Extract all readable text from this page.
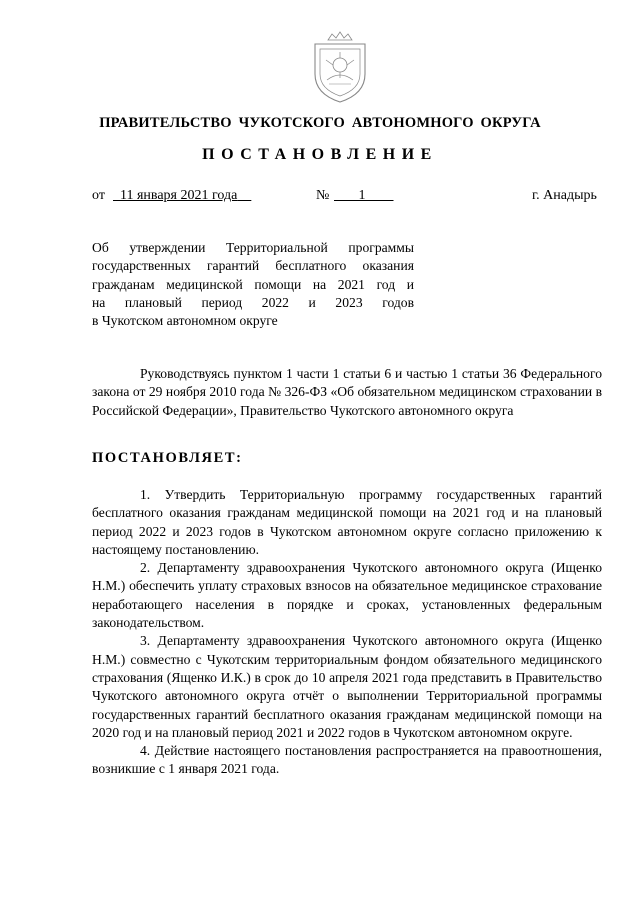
ПРАВИТЕЛЬСТВО ЧУКОТСКОГО АВТОНОМНОГО ОКРУГА
ПОСТАНОВЛЕНИЕ
от	11 января 2021 года	№	1	г. Анадырь
Об утверждении Территориальной программы
государственных гарантий бесплатного оказания
гражданам медицинской помощи на 2021 год и
на плановый период 2022 и 2023 годов
в Чукотском автономном округе
Руководствуясь пунктом 1 части 1 статьи 6 и частью 1 статьи 36 Федерального закона от 29 ноября 2010 года № 326-ФЗ «Об обязательном медицинском страховании в Российской Федерации», Правительство Чукотского автономного округа
ПОСТАНОВЛЯЕТ:

1. Утвердить Территориальную программу государственных гарантий бесплатного оказания гражданам медицинской помощи на 2021 год и на плановый период 2022 и 2023 годов в Чукотском автономном округе согласно приложению к настоящему постановлению.

2. Департаменту здравоохранения Чукотского автономного округа (Ищенко Н.М.) обеспечить уплату страховых взносов на обязательное медицинское страхование неработающего населения в порядке и сроках, установленных федеральным законодательством.

3. Департаменту здравоохранения Чукотского автономного округа (Ищенко Н.М.) совместно с Чукотским территориальным фондом обязательного медицинского страхования (Ященко И.К.) в срок до 10 апреля 2021 года представить в Правительство Чукотского автономного округа отчёт о выполнении Территориальной программы государственных гарантий бесплатного оказания гражданам медицинской помощи на 2020 год и на плановый период 2021 и 2022 годов в Чукотском автономном округе.

4. Действие настоящего постановления распространяется на правоотношения, возникшие с 1 января 2021 года.
